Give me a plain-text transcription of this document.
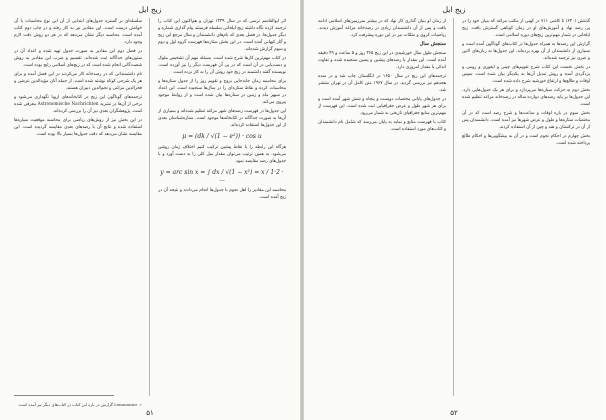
زیج ایل

اثر ابوالقاسم ترسی که در سال ۱۳۳۹ تهران و هم‌اکنون این کتاب را ترجمه کرده نگاه داشته زیج ایلخانی سلسله فرستند پیام گذاری شماره و دیگر جدول‌ها. در فصل بعدی که نام‌های دانشمندان و سال مرجع این زیج و آثار کیهانی آمده است. در این بخش ستاره‌ها فهرست گروه اول و دوم و سوم گزارش شده‌اند.

در کتاب مهم‌ترین کارها شرح شده است. مسئله مهم آن تشخیص ملوک و دست‌یابی در آن است که در پی آن فهرست دیگر را نیز آورده است. نویسنده گفته دانشمند در زیج خود روش آن را به کار برده است.

برای محاسبه زمان جابه‌جایی بروج و تقویم روز را از جدول ستاره‌ها و محاسبات کرده و نقاط ستاره‌ای را در سال‌ها سنجیده است. این اعداد در سپهر ماه و زمین در ستاره‌ها بیان شده است و از روابط موجود پیروی می‌کند.

این جدول‌ها در فهرست رصدهای شهر مراغه تنظیم شده‌اند و بسیاری از آن‌ها به صورت جداگانه در کتابخانه‌ها موجود است. ستاره‌شناسان بعدی از این جدول‌ها استفاده کرده‌اند.

μ = (dk / √(1 − e²)) · cos u

هرگاه این رابطه را با نقاط پیشین ترکیب کنیم اختلاف زمان روشن می‌شود. به همین ترتیب می‌توان مقدار میل کلی را به دست آورد و با جدول‌های رصد مقایسه نمود.

y = arc sin x = ∫ dx / √(1 − x²) = x / 1·2 · ...

محاسبه این مقادیر را اهل نجوم با جدول‌ها انجام می‌دادند و نتیجه آن در زیج آمده است.

سلسله‌ای بر گستره جدول‌های ابتدایی از آن این نوع محاسبات با آن خوانش درست است. این مقادیر نیز به کار رفته و در چاپ دوم کتاب آمده است. محاسبه دیگر نشان می‌دهد که در هر دو روش دقت لازم وجود دارد.

در فصل دوم ابن مقادیر به صورت جدول تهیه شده و اعداد آن در ستون‌های جداگانه ثبت شده‌اند. تقسیم و ضرب این مقادیر به روش شصت‌گانی انجام شده است که در زیج‌های اسلامی رایج بوده است.

نام دانشمندانی که در رصدخانه کار می‌کردند در این فصل آمده و برای هر یک شرحی کوتاه نوشته شده است. از جمله آنان مؤیدالدین عرضی و فخرالدین مراغی و نجم‌الدین دبیران هستند.

ترجمه‌های گوناگون این زیج در کتابخانه‌های اروپا نگهداری می‌شود و برخی از آن‌ها در نشریه Astronomische Nachrichten معرفی شده است. پژوهشگران بعدی نیز آن را بررسی کرده‌اند.

در این بخش نیز از روش‌های ریاضی برای محاسبه موقعیت سیاره‌ها استفاده شده و نتایج آن با رصدهای بعدی مقایسه گردیده است. این مقایسه نشان می‌دهد که دقت جدول‌ها بسیار بالا بوده است.

۱. Lemmonier گزارش در باره این کتاب در کتاب‌های دیگر نیز آمده است.
۵۱
زیج ایل

گذشتن (۶۳۰) تا کاشی ۷۱۱ در کهنی از مکتب مراغه که بنیان خود را در پی رصد نهاد و آموزش‌های او در زمان کوتاهی گسترش یافت. زیج ایلخانی در شمار مهم‌ترین زیج‌های دوره اسلامی است.

گزارش این رصدها به همراه جدول‌ها در کتاب‌های گوناگون آمده است و بسیاری از دانشمندان از آن بهره برده‌اند. این جدول‌ها به زبان‌های لاتین و عبری نیز ترجمه شده‌اند.

در بخش نخست این کتاب شرح تقویم‌های چینی و ایغوری و رومی و یزدگردی آمده و روش تبدیل آن‌ها به یکدیگر بیان شده است. سپس اوقات و طالع‌ها و ارتفاع خورشید شرح داده شده است.

بخش دوم به حرکت سیاره‌ها می‌پردازد و برای هر یک جدول‌هایی دارد. این جدول‌ها بر پایه رصدهای دوازده ساله در رصدخانه مراغه تنظیم شده است.

بخش سوم در باره اوقات و ساعت‌ها و شرح رصد است که در آن مختصات ستاره‌ها و طول و عرض شهرها نیز آمده است. دانشمندان پس از آن در ترکستان و هند و چین از آن استفاده کردند.

بخش چهارم در احکام نجوم است و در آن به پیشگویی‌ها و احکام طالع پرداخته شده است.

از زمان او بنیان گذاری کار نهاد که در بیشتر سرزمین‌های اسلامی ادامه یافت و پس از آن دانشمندان زیادی در رصدخانه مراغه آموزش دیدند. ریاضیات کروی و مثلثات نیز در این دوره پیشرفت کرد.

سنجش سال

سنجش طول سال خورشیدی در این زیج ۳۶۵ روز و ۵ ساعت و ۴۹ دقیقه آمده است. این مقدار با رصدهای پیشین و پسین سنجیده شده و تفاوت اندکی با مقدار امروزی دارد.

ترجمه‌های این زیج در سال ۱۶۵۰ در انگلستان چاپ شد و در سده هجدهم نیز بررسی گردید. در سال ۱۹۶۷ متن کامل آن در تهران منتشر شد.

در جدول‌های پایانی مختصات دویست و پنجاه و شش شهر آمده است و برای هر شهر طول و عرض جغرافیایی ثبت شده است. این فهرست از مهم‌ترین منابع جغرافیای تاریخی به شمار می‌رود.

کتاب با فهرست منابع و نمایه به پایان می‌رسد که شامل نام دانشمندان و کتاب‌های مورد استفاده است.

۵۲
